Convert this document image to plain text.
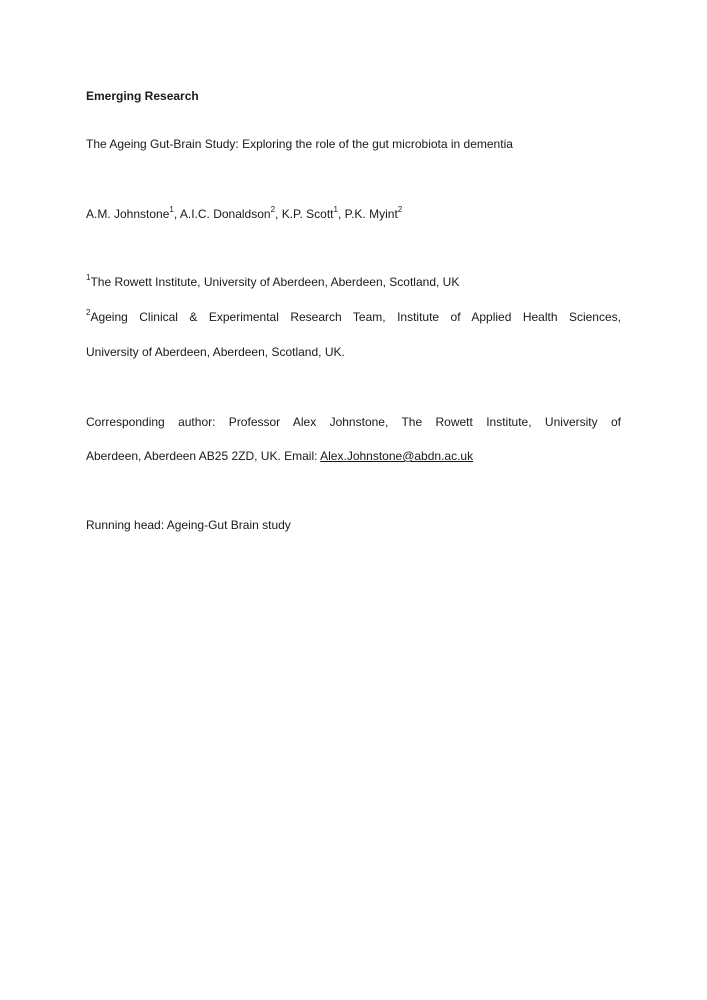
Emerging Research
The Ageing Gut-Brain Study: Exploring the role of the gut microbiota in dementia
A.M. Johnstone$^1$, A.I.C. Donaldson$^2$, K.P. Scott$^1$, P.K. Myint$^2$
$^1$The Rowett Institute, University of Aberdeen, Aberdeen, Scotland, UK
$^2$Ageing Clinical & Experimental Research Team, Institute of Applied Health Sciences,
University of Aberdeen, Aberdeen, Scotland, UK.
Corresponding author: Professor Alex Johnstone, The Rowett Institute, University of
Aberdeen, Aberdeen AB25 2ZD, UK. Email: Alex.Johnstone@abdn.ac.uk
Running head: Ageing-Gut Brain study
